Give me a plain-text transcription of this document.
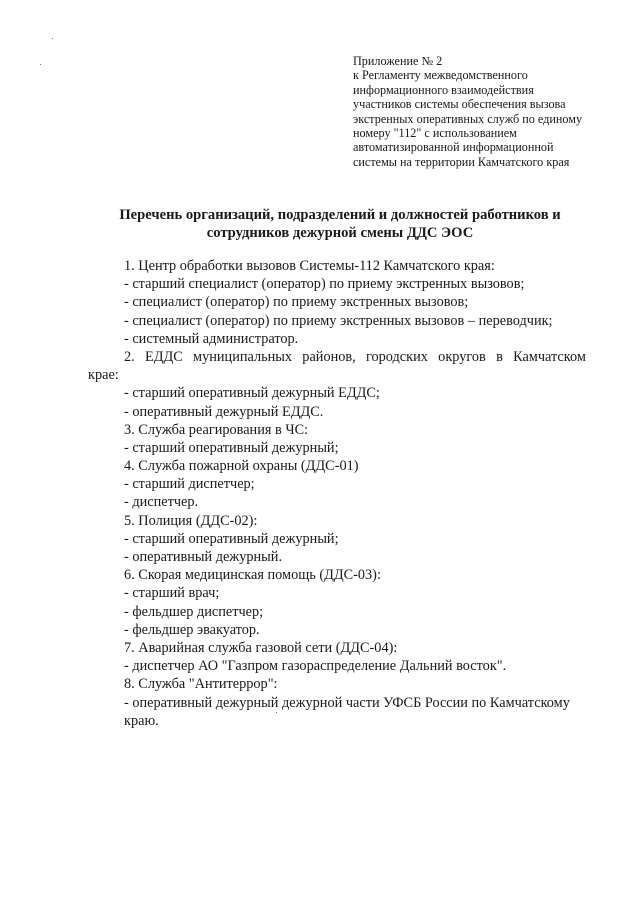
Приложение № 2
к Регламенту межведомственного
информационного взаимодействия
участников системы обеспечения вызова
экстренных оперативных служб по единому
номеру "112" с использованием
автоматизированной информационной
системы на территории Камчатского края
Перечень организаций, подразделений и должностей работников и
сотрудников дежурной смены ДДС ЭОС
1. Центр обработки вызовов Системы-112 Камчатского края:
- старший специалист (оператор) по приему экстренных вызовов;
- специалист (оператор) по приему экстренных вызовов;
- специалист (оператор) по приему экстренных вызовов – переводчик;
- системный администратор.
2. ЕДДС муниципальных районов, городских округов в Камчатском
крае:
- старший оперативный дежурный ЕДДС;
- оперативный дежурный ЕДДС.
3. Служба реагирования в ЧС:
- старший оперативный дежурный;
4. Служба пожарной охраны (ДДС-01)
- старший диспетчер;
- диспетчер.
5. Полиция (ДДС-02):
- старший оперативный дежурный;
- оперативный дежурный.
6. Скорая медицинская помощь (ДДС-03):
- старший врач;
- фельдшер диспетчер;
- фельдшер эвакуатор.
7. Аварийная служба газовой сети (ДДС-04):
- диспетчер АО "Газпром газораспределение Дальний восток".
8. Служба "Антитеррор":
- оперативный дежурный дежурной части УФСБ России по Камчатскому
краю.
